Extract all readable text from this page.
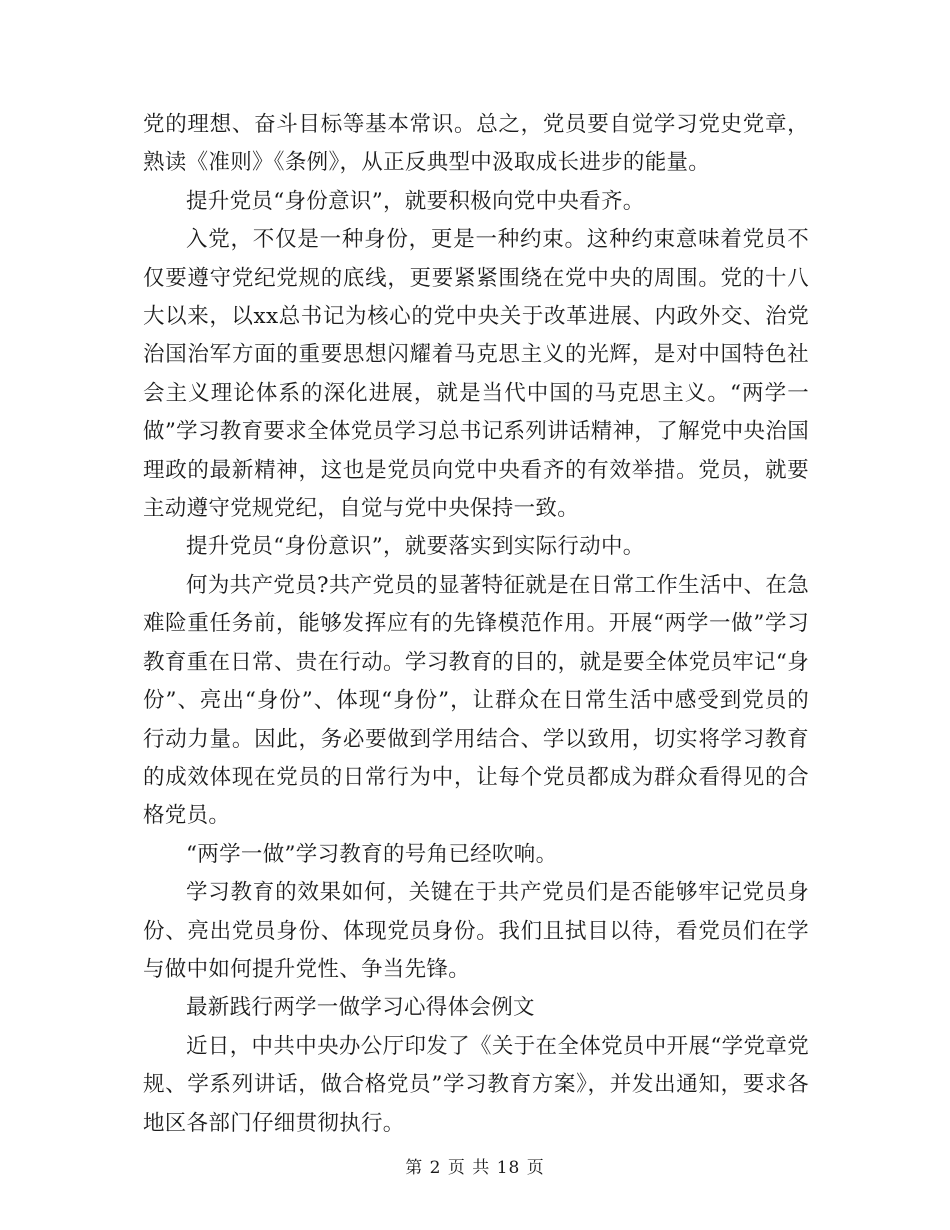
党的理想、奋斗目标等基本常识。总之，党员要自觉学习党史党章，熟读《准则》《条例》，从正反典型中汲取成长进步的能量。

提升党员“身份意识”，就要积极向党中央看齐。

入党，不仅是一种身份，更是一种约束。这种约束意味着党员不仅要遵守党纪党规的底线，更要紧紧围绕在党中央的周围。党的十八大以来，以xx总书记为核心的党中央关于改革进展、内政外交、治党治国治军方面的重要思想闪耀着马克思主义的光辉，是对中国特色社会主义理论体系的深化进展，就是当代中国的马克思主义。“两学一做”学习教育要求全体党员学习总书记系列讲话精神，了解党中央治国理政的最新精神，这也是党员向党中央看齐的有效举措。党员，就要主动遵守党规党纪，自觉与党中央保持一致。

提升党员“身份意识”，就要落实到实际行动中。

何为共产党员?共产党员的显著特征就是在日常工作生活中、在急难险重任务前，能够发挥应有的先锋模范作用。开展“两学一做”学习教育重在日常、贵在行动。学习教育的目的，就是要全体党员牢记“身份”、亮出“身份”、体现“身份”，让群众在日常生活中感受到党员的行动力量。因此，务必要做到学用结合、学以致用，切实将学习教育的成效体现在党员的日常行为中，让每个党员都成为群众看得见的合格党员。

“两学一做”学习教育的号角已经吹响。

学习教育的效果如何，关键在于共产党员们是否能够牢记党员身份、亮出党员身份、体现党员身份。我们且拭目以待，看党员们在学与做中如何提升党性、争当先锋。

最新践行两学一做学习心得体会例文

近日，中共中央办公厅印发了《关于在全体党员中开展“学党章党规、学系列讲话，做合格党员”学习教育方案》，并发出通知，要求各地区各部门仔细贯彻执行。

第 2 页 共 18 页
